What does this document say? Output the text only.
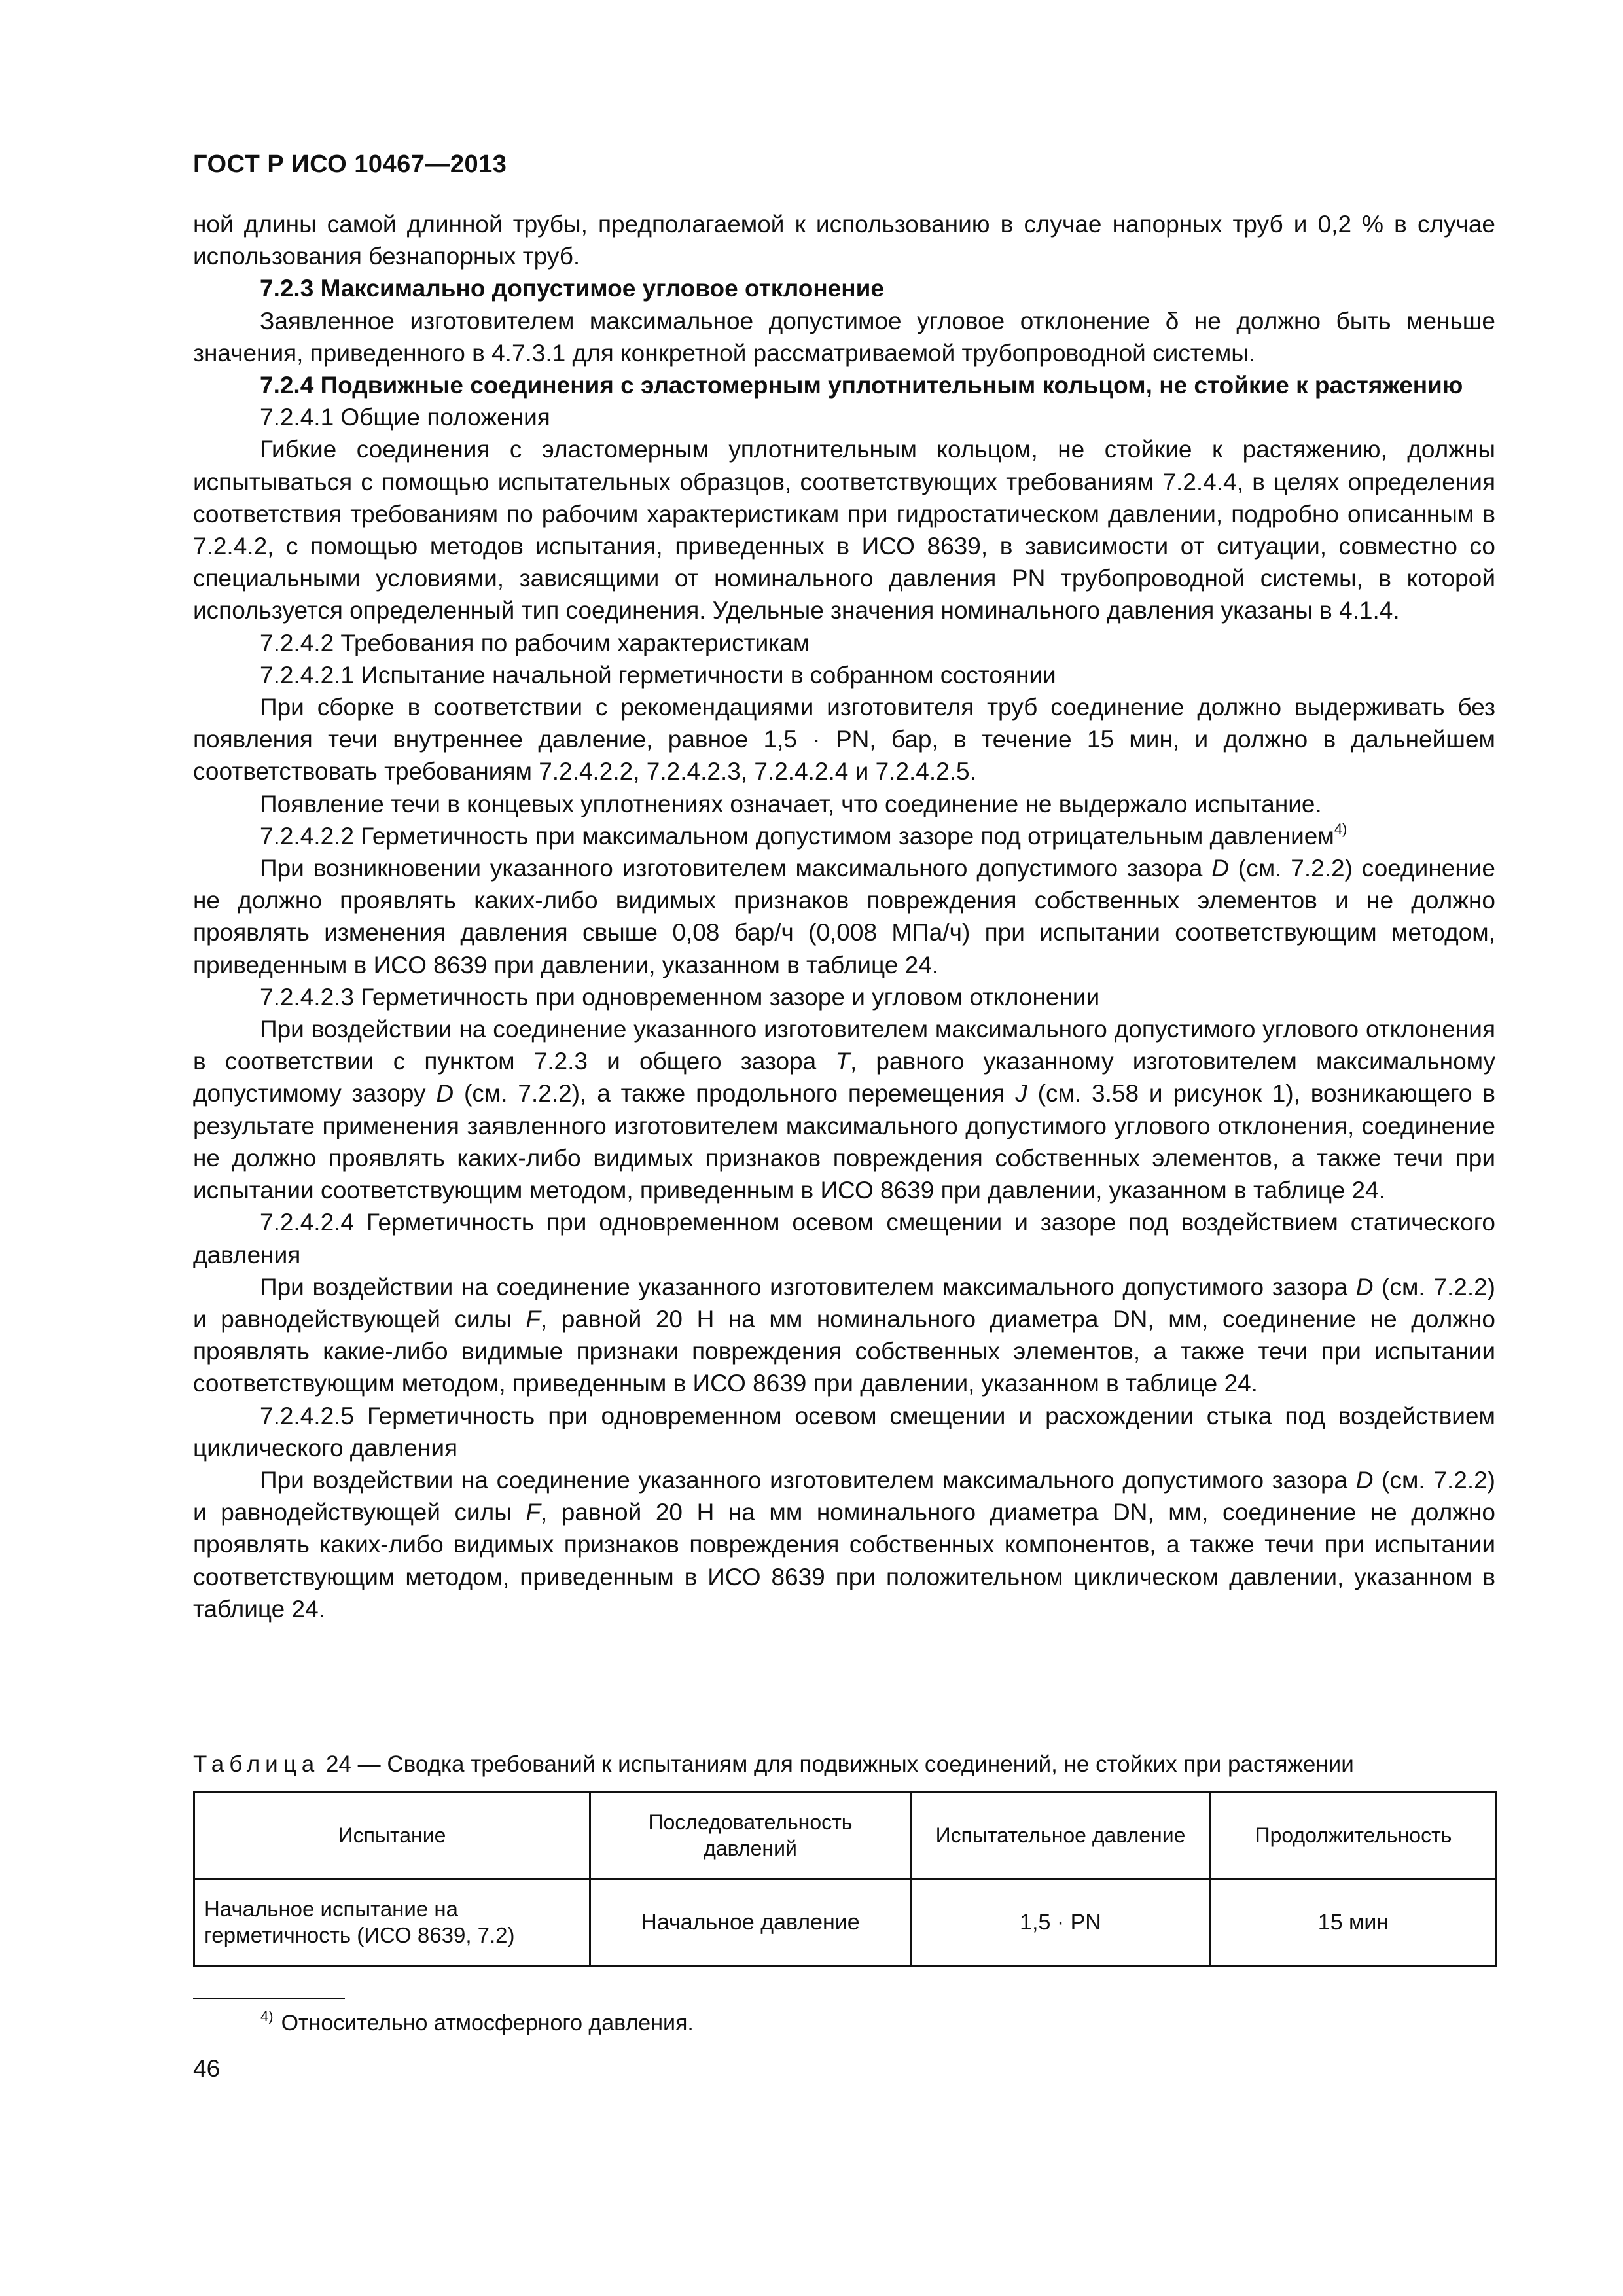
ГОСТ Р ИСО 10467—2013

ной длины самой длинной трубы, предполагаемой к использованию в случае напорных труб и 0,2 % в случае использования безнапорных труб.

7.2.3 Максимально допустимое угловое отклонение

Заявленное изготовителем максимальное допустимое угловое отклонение δ не должно быть меньше значения, приведенного в 4.7.3.1 для конкретной рассматриваемой трубопроводной системы.

7.2.4 Подвижные соединения с эластомерным уплотнительным кольцом, не стойкие к растяжению

7.2.4.1 Общие положения

Гибкие соединения с эластомерным уплотнительным кольцом, не стойкие к растяжению, должны испытываться с помощью испытательных образцов, соответствующих требованиям 7.2.4.4, в целях определения соответствия требованиям по рабочим характеристикам при гидростатическом давлении, подробно описанным в 7.2.4.2, с помощью методов испытания, приведенных в ИСО 8639, в зависимости от ситуации, совместно со специальными условиями, зависящими от номинального давления PN трубопроводной системы, в которой используется определенный тип соединения. Удельные значения номинального давления указаны в 4.1.4.

7.2.4.2 Требования по рабочим характеристикам

7.2.4.2.1 Испытание начальной герметичности в собранном состоянии

При сборке в соответствии с рекомендациями изготовителя труб соединение должно выдерживать без появления течи внутреннее давление, равное 1,5 · PN, бар, в течение 15 мин, и должно в дальнейшем соответствовать требованиям 7.2.4.2.2, 7.2.4.2.3, 7.2.4.2.4 и 7.2.4.2.5.

Появление течи в концевых уплотнениях означает, что соединение не выдержало испытание.

7.2.4.2.2 Герметичность при максимальном допустимом зазоре под отрицательным давлением$^{4)}$

При возникновении указанного изготовителем максимального допустимого зазора D (см. 7.2.2) соединение не должно проявлять каких-либо видимых признаков повреждения собственных элементов и не должно проявлять изменения давления свыше 0,08 бар/ч (0,008 МПа/ч) при испытании соответствующим методом, приведенным в ИСО 8639 при давлении, указанном в таблице 24.

7.2.4.2.3 Герметичность при одновременном зазоре и угловом отклонении

При воздействии на соединение указанного изготовителем максимального допустимого углового отклонения в соответствии с пунктом 7.2.3 и общего зазора T, равного указанному изготовителем максимальному допустимому зазору D (см. 7.2.2), а также продольного перемещения J (см. 3.58 и рисунок 1), возникающего в результате применения заявленного изготовителем максимального допустимого углового отклонения, соединение не должно проявлять каких-либо видимых признаков повреждения собственных элементов, а также течи при испытании соответствующим методом, приведенным в ИСО 8639 при давлении, указанном в таблице 24.

7.2.4.2.4 Герметичность при одновременном осевом смещении и зазоре под воздействием статического давления

При воздействии на соединение указанного изготовителем максимального допустимого зазора D (см. 7.2.2) и равнодействующей силы F, равной 20 Н на мм номинального диаметра DN, мм, соединение не должно проявлять какие-либо видимые признаки повреждения собственных элементов, а также течи при испытании соответствующим методом, приведенным в ИСО 8639 при давлении, указанном в таблице 24.

7.2.4.2.5 Герметичность при одновременном осевом смещении и расхождении стыка под воздействием циклического давления

При воздействии на соединение указанного изготовителем максимального допустимого зазора D (см. 7.2.2) и равнодействующей силы F, равной 20 Н на мм номинального диаметра DN, мм, соединение не должно проявлять каких-либо видимых признаков повреждения собственных компонентов, а также течи при испытании соответствующим методом, приведенным в ИСО 8639 при положительном циклическом давлении, указанном в таблице 24.

Таблица 24 — Сводка требований к испытаниям для подвижных соединений, не стойких при растяжении
Испытание	Последовательность давлений	Испытательное давление	Продолжительность
Начальное испытание на герметичность (ИСО 8639, 7.2)	Начальное давление	1,5 · PN	15 мин
$^{4)}$ Относительно атмосферного давления.
46
